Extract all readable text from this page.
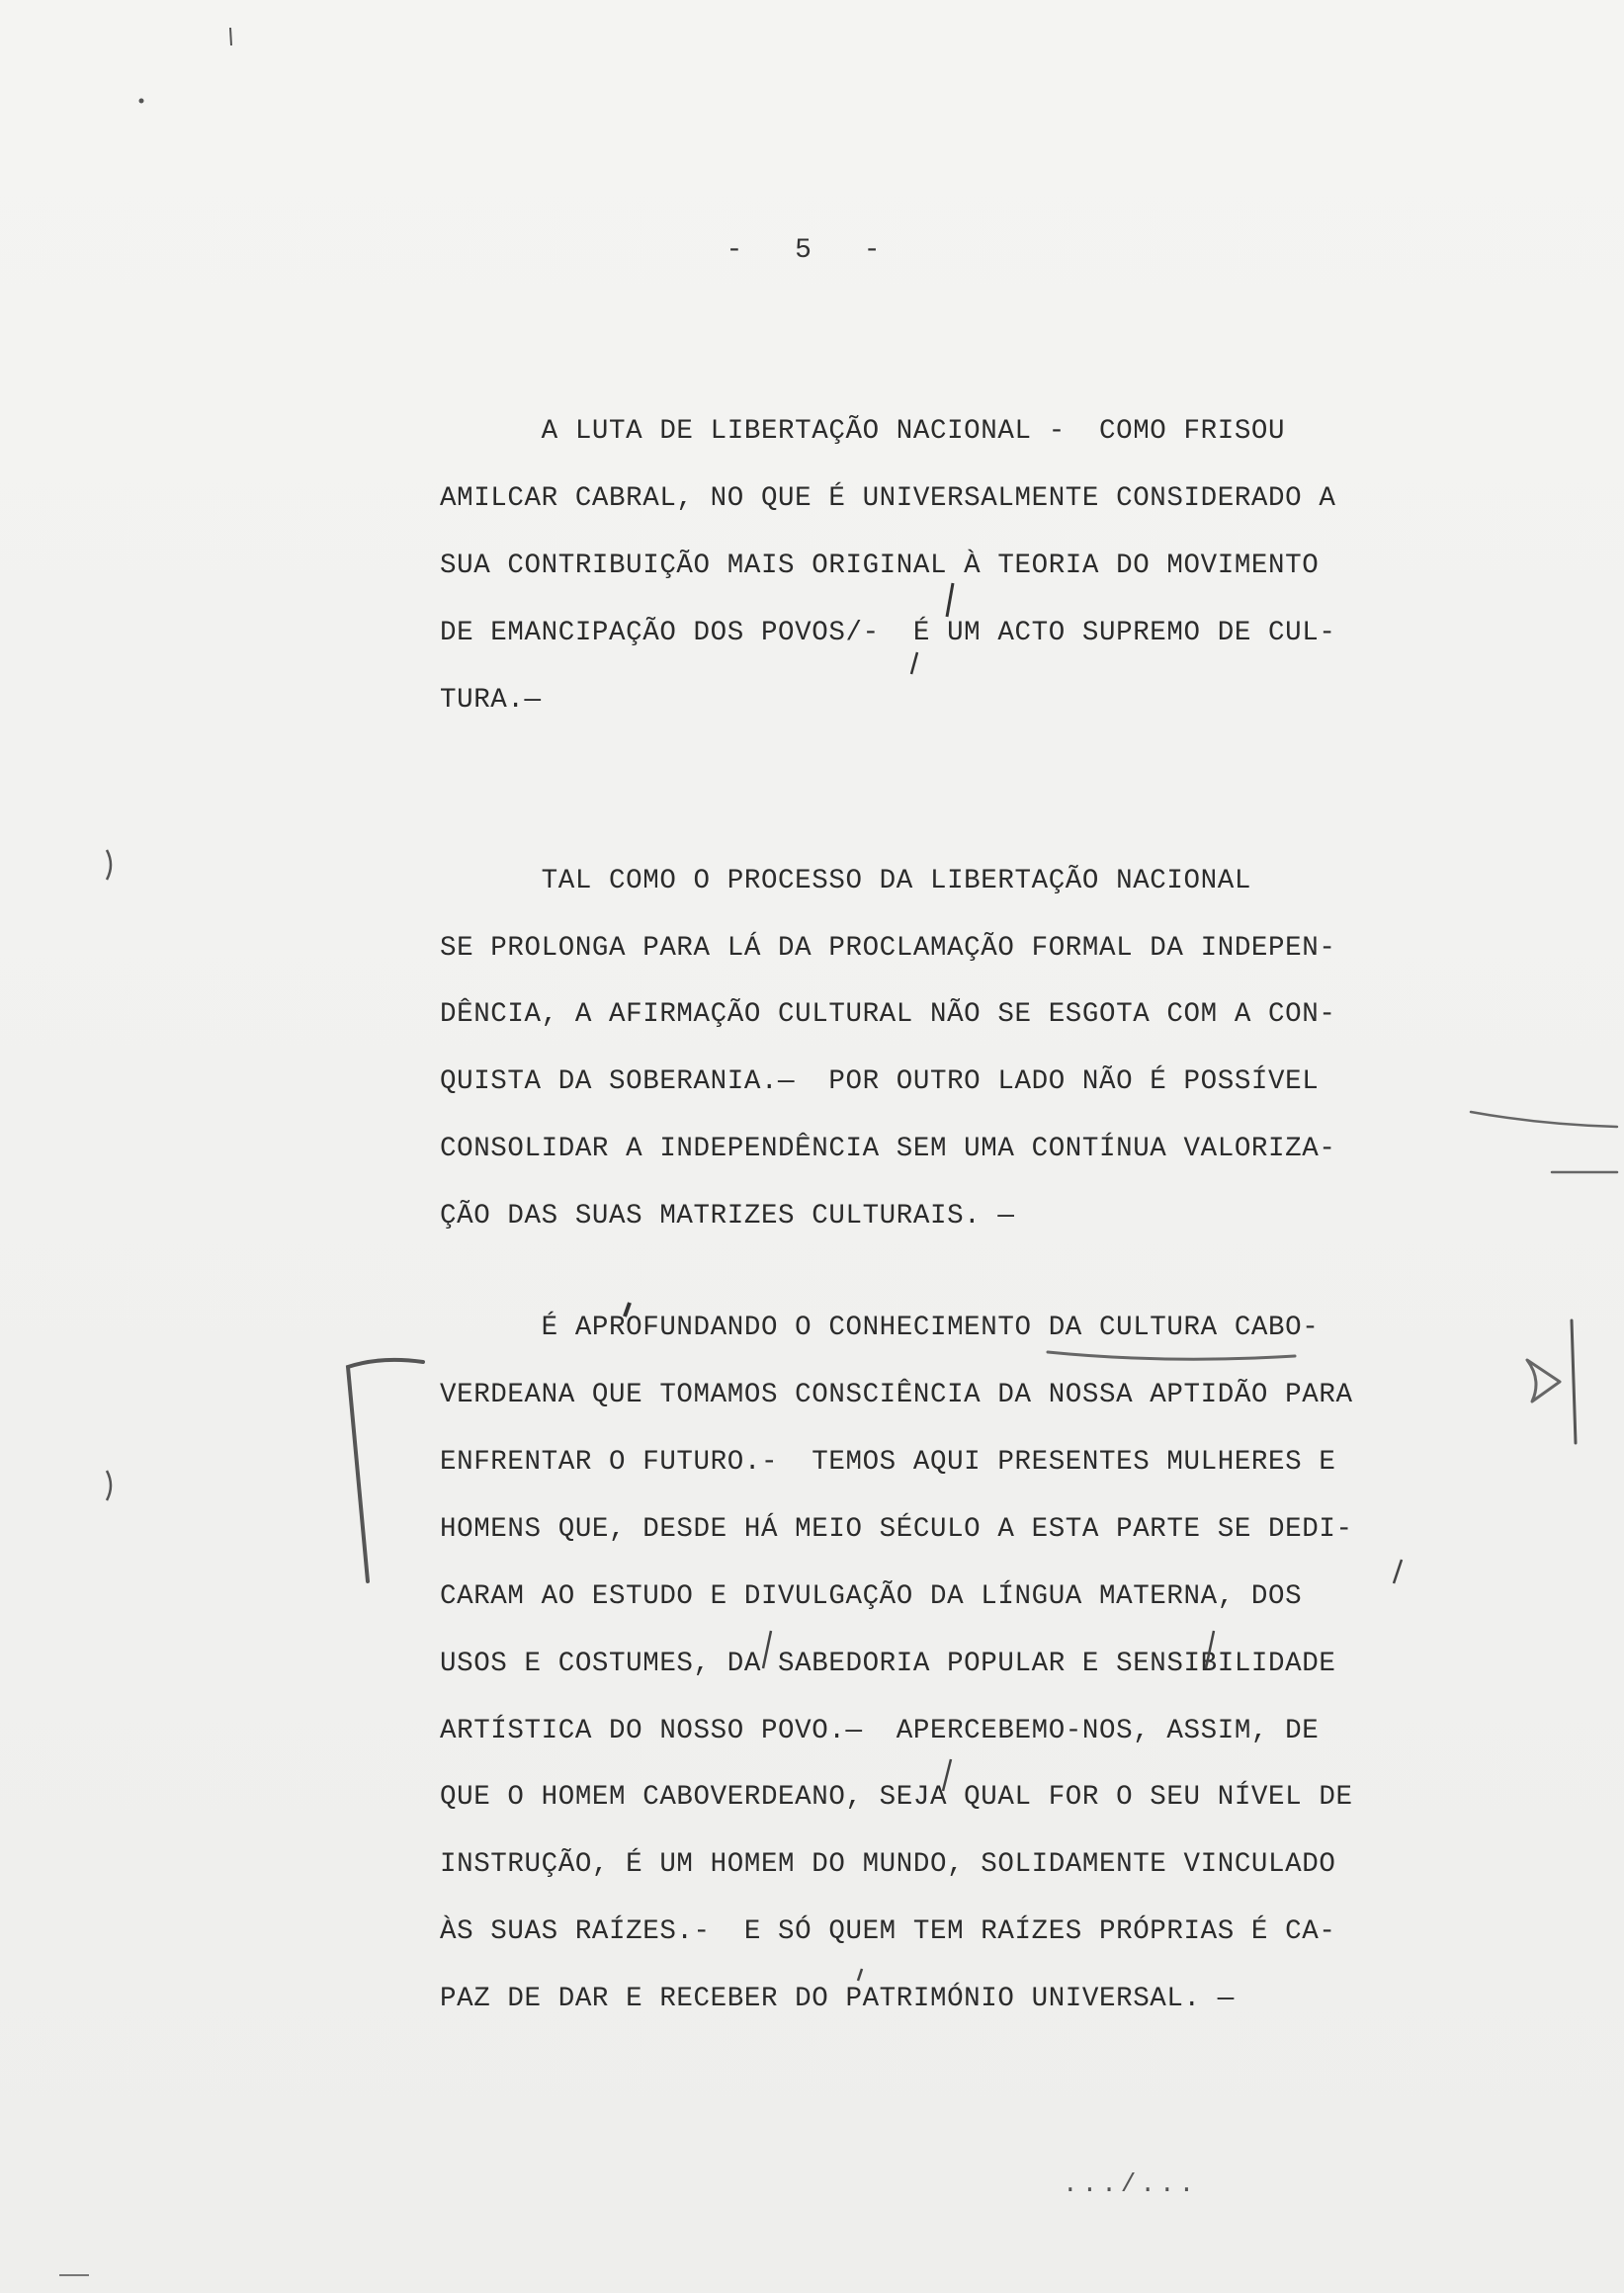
- 5 -
A LUTA DE LIBERTAÇÃO NACIONAL -  COMO FRISOU
AMILCAR CABRAL, NO QUE É UNIVERSALMENTE CONSIDERADO A
SUA CONTRIBUIÇÃO MAIS ORIGINAL À TEORIA DO MOVIMENTO
DE EMANCIPAÇÃO DOS POVOS/-  É UM ACTO SUPREMO DE CUL-
TURA.—
TAL COMO O PROCESSO DA LIBERTAÇÃO NACIONAL
SE PROLONGA PARA LÁ DA PROCLAMAÇÃO FORMAL DA INDEPEN-
DÊNCIA, A AFIRMAÇÃO CULTURAL NÃO SE ESGOTA COM A CON-
QUISTA DA SOBERANIA.—  POR OUTRO LADO NÃO É POSSÍVEL
CONSOLIDAR A INDEPENDÊNCIA SEM UMA CONTÍNUA VALORIZA-
ÇÃO DAS SUAS MATRIZES CULTURAIS. —
É APROFUNDANDO O CONHECIMENTO DA CULTURA CABO-
VERDEANA QUE TOMAMOS CONSCIÊNCIA DA NOSSA APTIDÃO PARA
ENFRENTAR O FUTURO.-  TEMOS AQUI PRESENTES MULHERES E
HOMENS QUE, DESDE HÁ MEIO SÉCULO A ESTA PARTE SE DEDI-
CARAM AO ESTUDO E DIVULGAÇÃO DA LÍNGUA MATERNA, DOS
USOS E COSTUMES, DA SABEDORIA POPULAR E SENSIBILIDADE
ARTÍSTICA DO NOSSO POVO.—  APERCEBEMO-NOS, ASSIM, DE
QUE O HOMEM CABOVERDEANO, SEJA QUAL FOR O SEU NÍVEL DE
INSTRUÇÃO, É UM HOMEM DO MUNDO, SOLIDAMENTE VINCULADO
ÀS SUAS RAÍZES.-  E SÓ QUEM TEM RAÍZES PRÓPRIAS É CA-
PAZ DE DAR E RECEBER DO PATRIMÓNIO UNIVERSAL. —
.../...
